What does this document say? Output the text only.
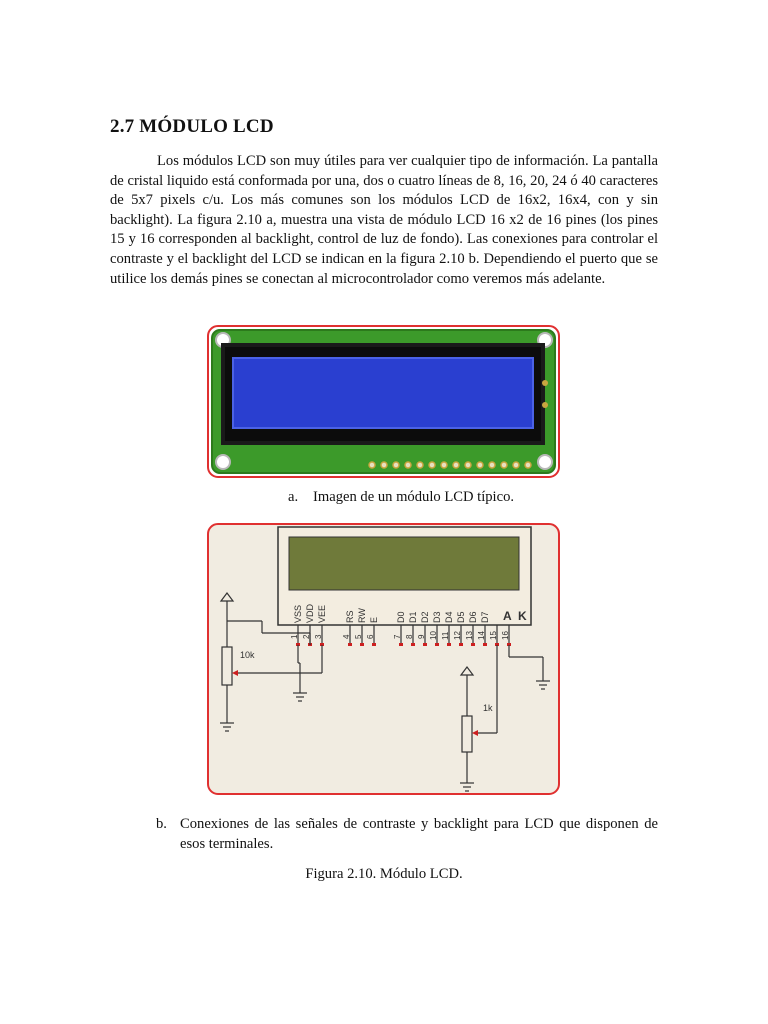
2.7 MÓDULO LCD
Los módulos LCD son muy útiles para ver cualquier tipo de información. La pantalla de cristal liquido está conformada por una, dos o cuatro líneas de 8, 16, 20, 24 ó 40 caracteres de 5x7 pixels c/u. Los más comunes son los módulos LCD de 16x2, 16x4, con y sin backlight). La figura 2.10 a, muestra una vista de módulo LCD 16 x2 de 16 pines (los pines 15 y 16 corresponden al backlight, control de luz de fondo). Las conexiones para controlar el contraste y el backlight del LCD se indican en la figura 2.10 b. Dependiendo el puerto que se utilice los demás pines se conectan al microcontrolador como veremos más adelante.
a. Imagen de un módulo LCD típico.
VSS VDD VEE RS RW E D0 D1 D2 D3 D4 D5 D6 D7 A K
1 2 3 4 5 6 7 8 9 10 11 12 13 14 15 16
10k
1k
b. Conexiones de las señales de contraste y backlight para LCD que disponen de esos terminales.
Figura 2.10. Módulo LCD.
